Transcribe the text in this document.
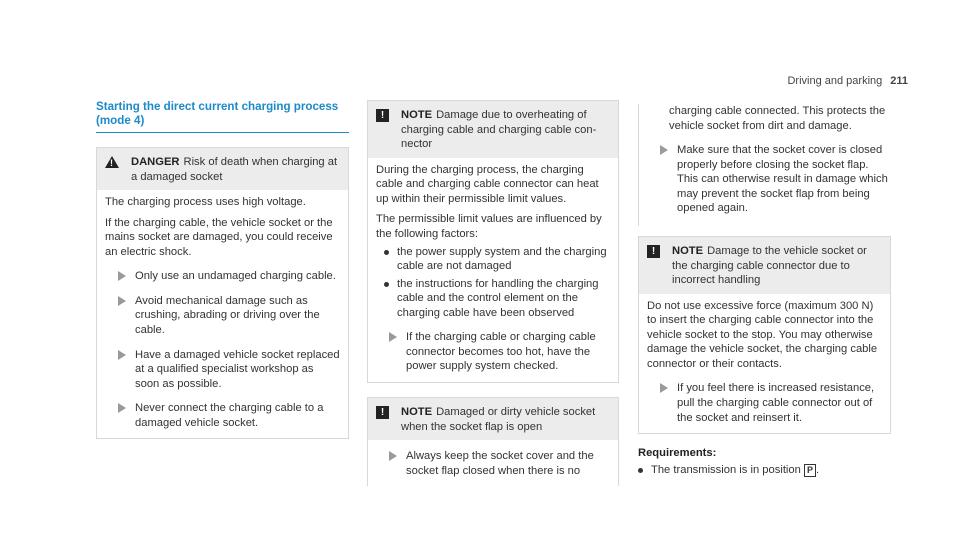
Driving and parking 211
Starting the direct current charging process (mode 4)
! DANGER Risk of death when charging at a damaged socket
The charging process uses high voltage.
If the charging cable, the vehicle socket or the mains socket are damaged, you could receive an electric shock.
Only use an undamaged charging cable.
Avoid mechanical damage such as crushing, abrading or driving over the cable.
Have a damaged vehicle socket replaced at a qualified specialist workshop as soon as possible.
Never connect the charging cable to a damaged vehicle socket.
!	NOTE Damage due to overheating of charging cable and charging cable connector
During the charging process, the charging cable and charging cable connector can heat up within their permissible limit values.
The permissible limit values are influenced by the following factors:
the power supply system and the charging cable are not damaged
the instructions for handling the charging cable and the control element on the charging cable have been observed
If the charging cable or charging cable connector becomes too hot, have the power supply system checked.
!	NOTE Damaged or dirty vehicle socket when the socket flap is open
Always keep the socket cover and the socket flap closed when there is no
charging cable connected. This protects the vehicle socket from dirt and damage.
Make sure that the socket cover is closed properly before closing the socket flap. This can otherwise result in damage which may prevent the socket flap from being opened again.
!	NOTE Damage to the vehicle socket or the charging cable connector due to incorrect handling
Do not use excessive force (maximum 300 N) to insert the charging cable connector into the vehicle socket to the stop. You may otherwise damage the vehicle socket, the charging cable connector or their contacts.
If you feel there is increased resistance, pull the charging cable connector out of the socket and reinsert it.
Requirements:
The transmission is in position P .
